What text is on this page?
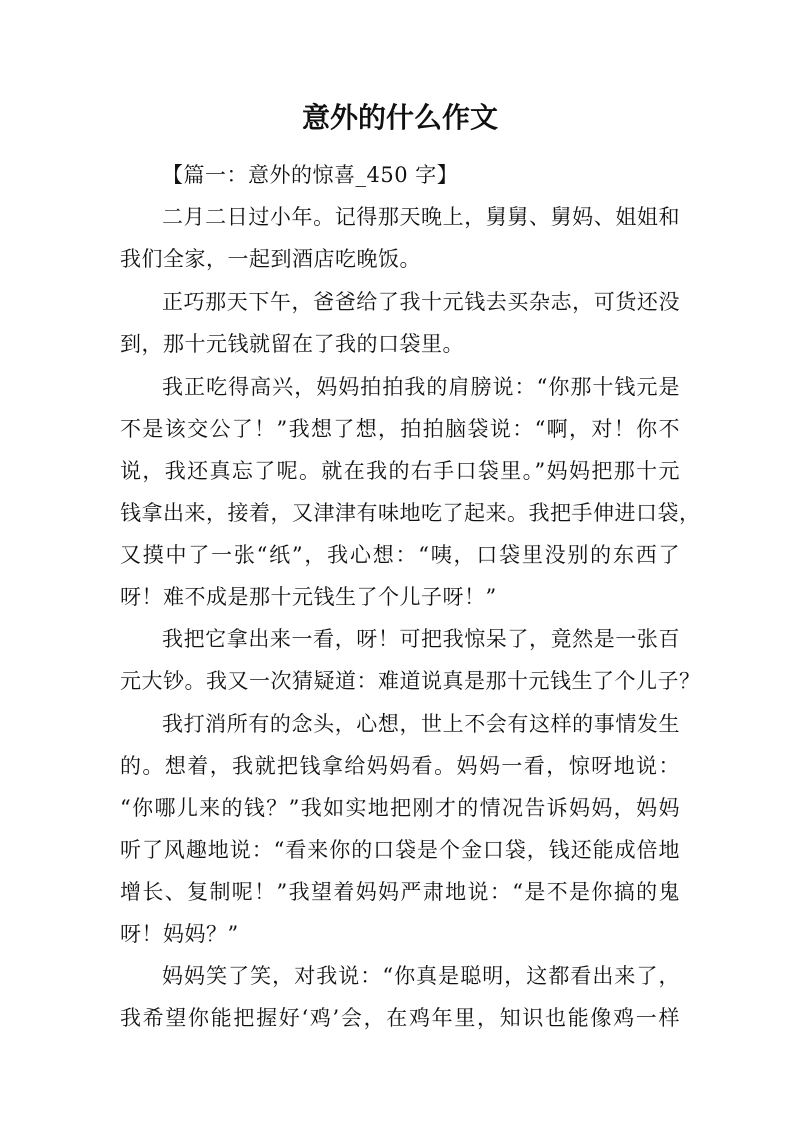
意外的什么作文
【篇一：意外的惊喜_450 字】
二月二日过小年。记得那天晚上，舅舅、舅妈、姐姐和
我们全家，一起到酒店吃晚饭。
正巧那天下午，爸爸给了我十元钱去买杂志，可货还没
到，那十元钱就留在了我的口袋里。
我正吃得高兴，妈妈拍拍我的肩膀说：“你那十钱元是
不是该交公了！”我想了想，拍拍脑袋说：“啊，对！你不
说，我还真忘了呢。就在我的右手口袋里。”妈妈把那十元
钱拿出来，接着，又津津有味地吃了起来。我把手伸进口袋，
又摸中了一张“纸”，我心想：“咦，口袋里没别的东西了
呀！难不成是那十元钱生了个儿子呀！”
我把它拿出来一看，呀！可把我惊呆了，竟然是一张百
元大钞。我又一次猜疑道：难道说真是那十元钱生了个儿子？
我打消所有的念头，心想，世上不会有这样的事情发生
的。想着，我就把钱拿给妈妈看。妈妈一看，惊呀地说：
“你哪儿来的钱？”我如实地把刚才的情况告诉妈妈，妈妈
听了风趣地说：“看来你的口袋是个金口袋，钱还能成倍地
增长、复制呢！”我望着妈妈严肃地说：“是不是你搞的鬼
呀！妈妈？”
妈妈笑了笑，对我说：“你真是聪明，这都看出来了，
我希望你能把握好‘鸡’会，在鸡年里，知识也能像鸡一样
